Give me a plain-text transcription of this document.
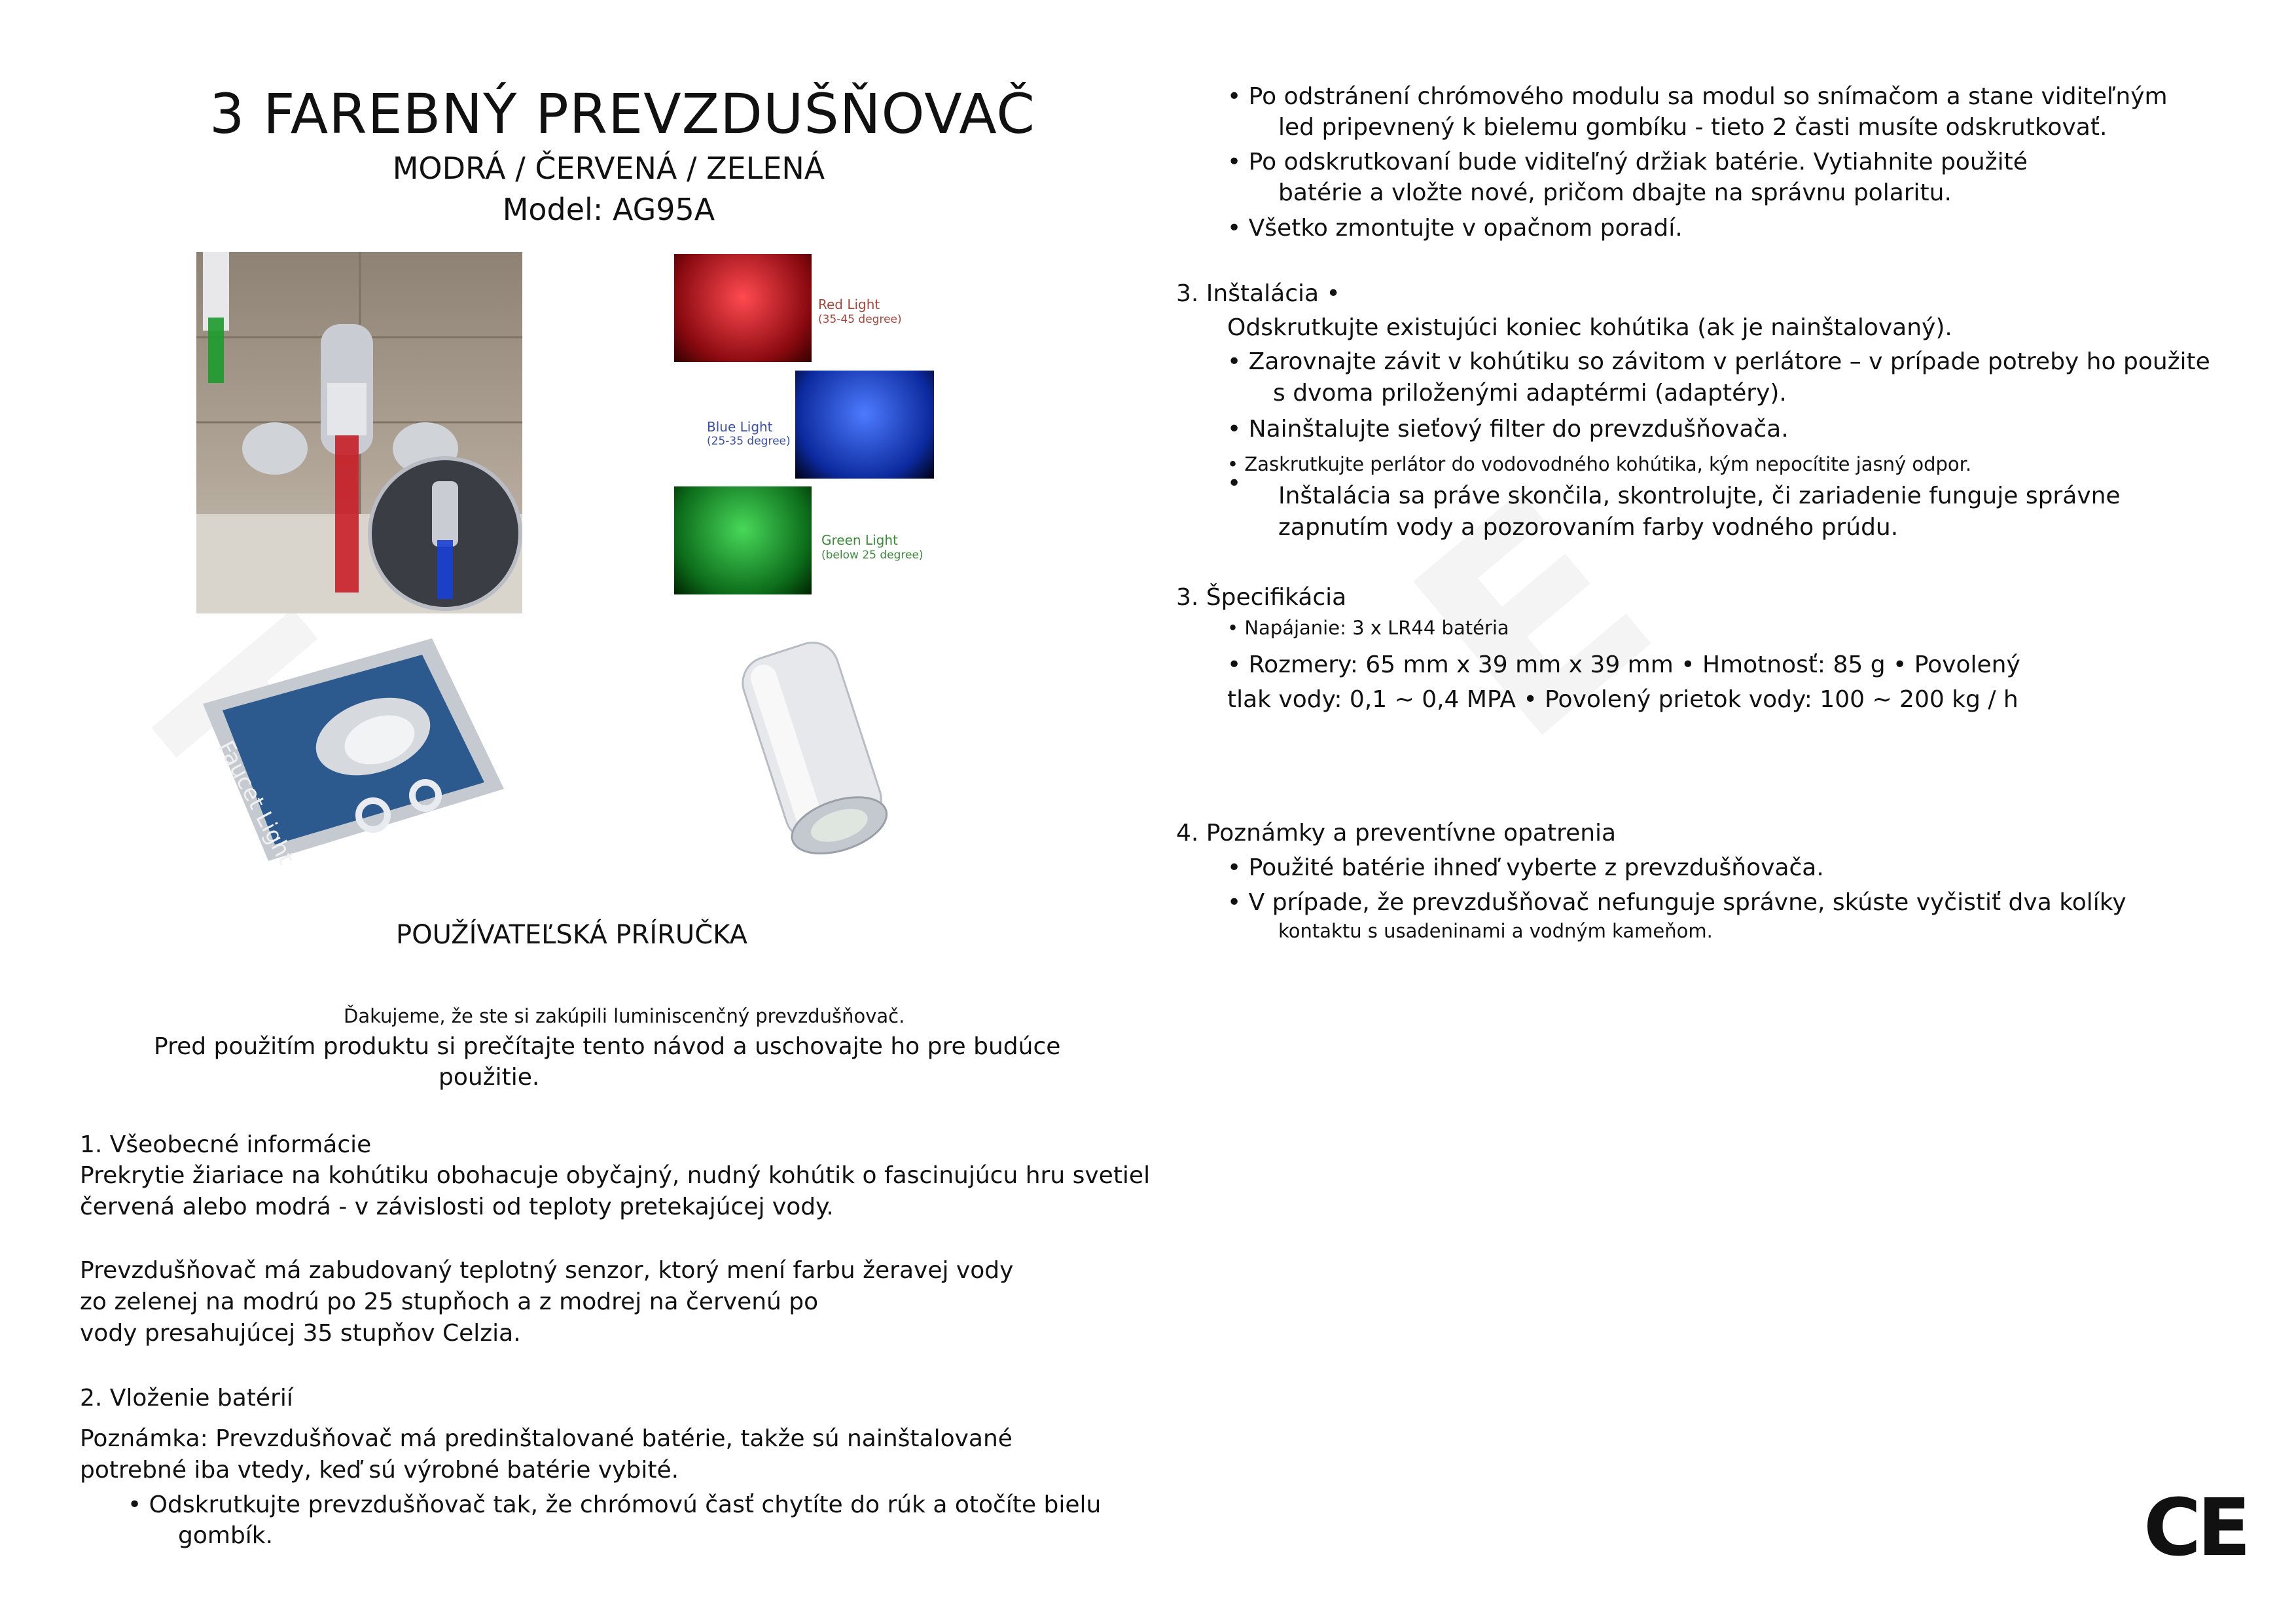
3 FAREBNÝ PREVZDUŠŇOVAČ
MODRÁ / ČERVENÁ / ZELENÁ
Model: AG95A
Red Light
(35-45 degree)
Blue Light
(25-35 degree)
Green Light
(below 25 degree)
Faucet Light
POUŽÍVATEĽSKÁ PRÍRUČKA
Ďakujeme, že ste si zakúpili luminiscenčný prevzdušňovač.
Pred použitím produktu si prečítajte tento návod a uschovajte ho pre budúce
použitie.
1. Všeobecné informácie
Prekrytie žiariace na kohútiku obohacuje obyčajný, nudný kohútik o fascinujúcu hru svetiel
červená alebo modrá - v závislosti od teploty pretekajúcej vody.
Prevzdušňovač má zabudovaný teplotný senzor, ktorý mení farbu žeravej vody
zo zelenej na modrú po 25 stupňoch a z modrej na červenú po
vody presahujúcej 35 stupňov Celzia.
2. Vloženie batérií
Poznámka: Prevzdušňovač má predinštalované batérie, takže sú nainštalované
potrebné iba vtedy, keď sú výrobné batérie vybité.
• Odskrutkujte prevzdušňovač tak, že chrómovú časť chytíte do rúk a otočíte bielu
gombík.
• Po odstránení chrómového modulu sa modul so snímačom a stane viditeľným
led pripevnený k bielemu gombíku - tieto 2 časti musíte odskrutkovať.
• Po odskrutkovaní bude viditeľný držiak batérie. Vytiahnite použité
batérie a vložte nové, pričom dbajte na správnu polaritu.
• Všetko zmontujte v opačnom poradí.
3. Inštalácia •
Odskrutkujte existujúci koniec kohútika (ak je nainštalovaný).
• Zarovnajte závit v kohútiku so závitom v perlátore – v prípade potreby ho použite
s dvoma priloženými adaptérmi (adaptéry).
• Nainštalujte sieťový filter do prevzdušňovača.
• Zaskrutkujte perlátor do vodovodného kohútika, kým nepocítite jasný odpor.
• Inštalácia sa práve skončila, skontrolujte, či zariadenie funguje správne
zapnutím vody a pozorovaním farby vodného prúdu.
3. Špecifikácia
• Napájanie: 3 x LR44 batéria
• Rozmery: 65 mm x 39 mm x 39 mm • Hmotnosť: 85 g • Povolený
tlak vody: 0,1 ~ 0,4 MPA • Povolený prietok vody: 100 ~ 200 kg / h
4. Poznámky a preventívne opatrenia
• Použité batérie ihneď vyberte z prevzdušňovača.
• V prípade, že prevzdušňovač nefunguje správne, skúste vyčistiť dva kolíky
kontaktu s usadeninami a vodným kameňom.
CE
